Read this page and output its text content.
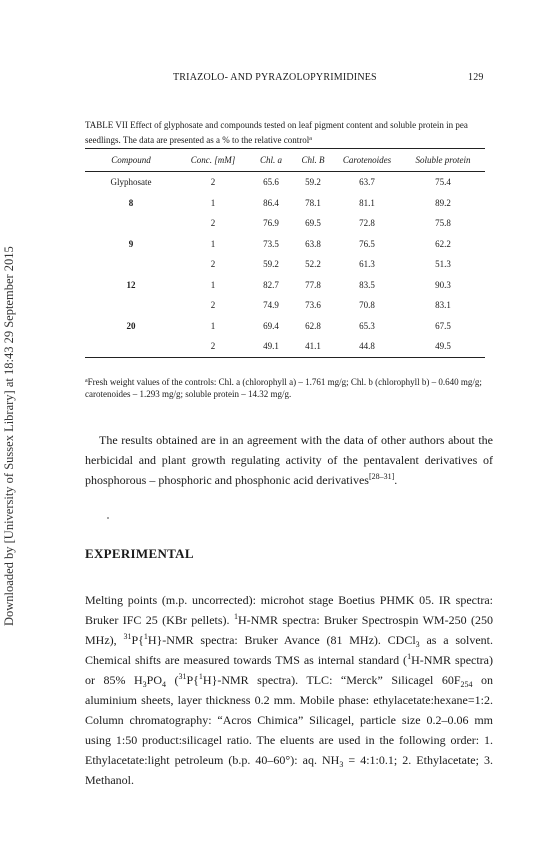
Downloaded by [University of Sussex Library] at 18:43 29 September 2015
TRIAZOLO- AND PYRAZOLOPYRIMIDINES	129
TABLE VII Effect of glyphosate and compounds tested on leaf pigment content and soluble protein in pea seedlings. The data are presented as a % to the relative control$^a$
Compound	Conc. [mM]	Chl. a	Chl. B	Carotenoides	Soluble protein
Glyphosate	2	65.6	59.2	63.7	75.4
8	1	86.4	78.1	81.1	89.2
	2	76.9	69.5	72.8	75.8
9	1	73.5	63.8	76.5	62.2
	2	59.2	52.2	61.3	51.3
12	1	82.7	77.8	83.5	90.3
	2	74.9	73.6	70.8	83.1
20	1	69.4	62.8	65.3	67.5
	2	49.1	41.1	44.8	49.5
$^a$Fresh weight values of the controls: Chl. a (chlorophyll a) – 1.761 mg/g; Chl. b (chlorophyll b) – 0.640 mg/g; carotenoides – 1.293 mg/g; soluble protein – 14.32 mg/g.
The results obtained are in an agreement with the data of other authors about the herbicidal and plant growth regulating activity of the pentavalent derivatives of phosphorous – phosphoric and phosphonic acid derivatives[28–31].
EXPERIMENTAL
Melting points (m.p. uncorrected): microhot stage Boetius PHMK 05. IR spectra: Bruker IFC 25 (KBr pellets). $^1$H-NMR spectra: Bruker Spectrospin WM-250 (250 MHz), $^{31}$P{$^1$H}-NMR spectra: Bruker Avance (81 MHz). CDCl$_3$ as a solvent. Chemical shifts are measured towards TMS as internal standard ($^1$H-NMR spectra) or 85% $H_3PO_4$ ($^{31}$P{$^1$H}-NMR spectra). TLC: “Merck” Silicagel $60F_{254}$ on aluminium sheets, layer thickness 0.2 mm. Mobile phase: ethylacetate:hexane=1:2. Column chromatography: “Acros Chimica” Silicagel, particle size 0.2–0.06 mm using 1:50 product:silicagel ratio. The eluents are used in the following order: 1. Ethylacetate:light petroleum (b.p. 40–60°): aq. $NH_3$ = 4:1:0.1; 2. Ethylacetate; 3. Methanol.
